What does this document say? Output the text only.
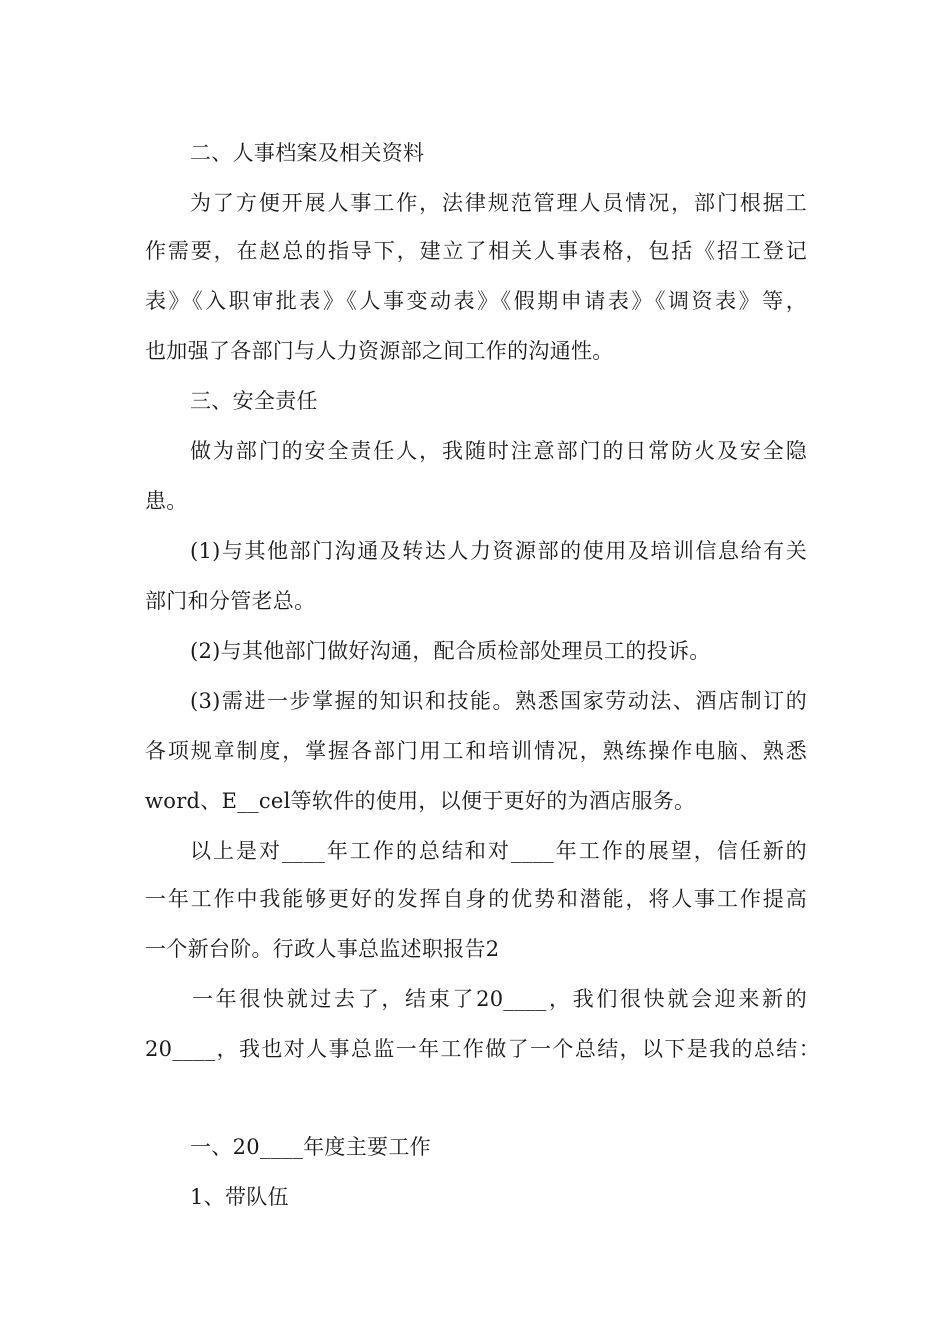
二、人事档案及相关资料
为了方便开展人事工作，法律规范管理人员情况，部门根据工
作需要，在赵总的指导下，建立了相关人事表格，包括《招工登记
表》《入职审批表》《人事变动表》《假期申请表》《调资表》等，
也加强了各部门与人力资源部之间工作的沟通性。
三、安全责任
做为部门的安全责任人，我随时注意部门的日常防火及安全隐
患。
(1)与其他部门沟通及转达人力资源部的使用及培训信息给有关
部门和分管老总。
(2)与其他部门做好沟通，配合质检部处理员工的投诉。
(3)需进一步掌握的知识和技能。熟悉国家劳动法、酒店制订的
各项规章制度，掌握各部门用工和培训情况，熟练操作电脑、熟悉
word、E__cel等软件的使用，以便于更好的为酒店服务。
以上是对____年工作的总结和对____年工作的展望，信任新的
一年工作中我能够更好的发挥自身的优势和潜能，将人事工作提高
一个新台阶。行政人事总监述职报告2
一年很快就过去了，结束了20____，我们很快就会迎来新的
20____，我也对人事总监一年工作做了一个总结，以下是我的总结：
一、20____年度主要工作
1、带队伍
